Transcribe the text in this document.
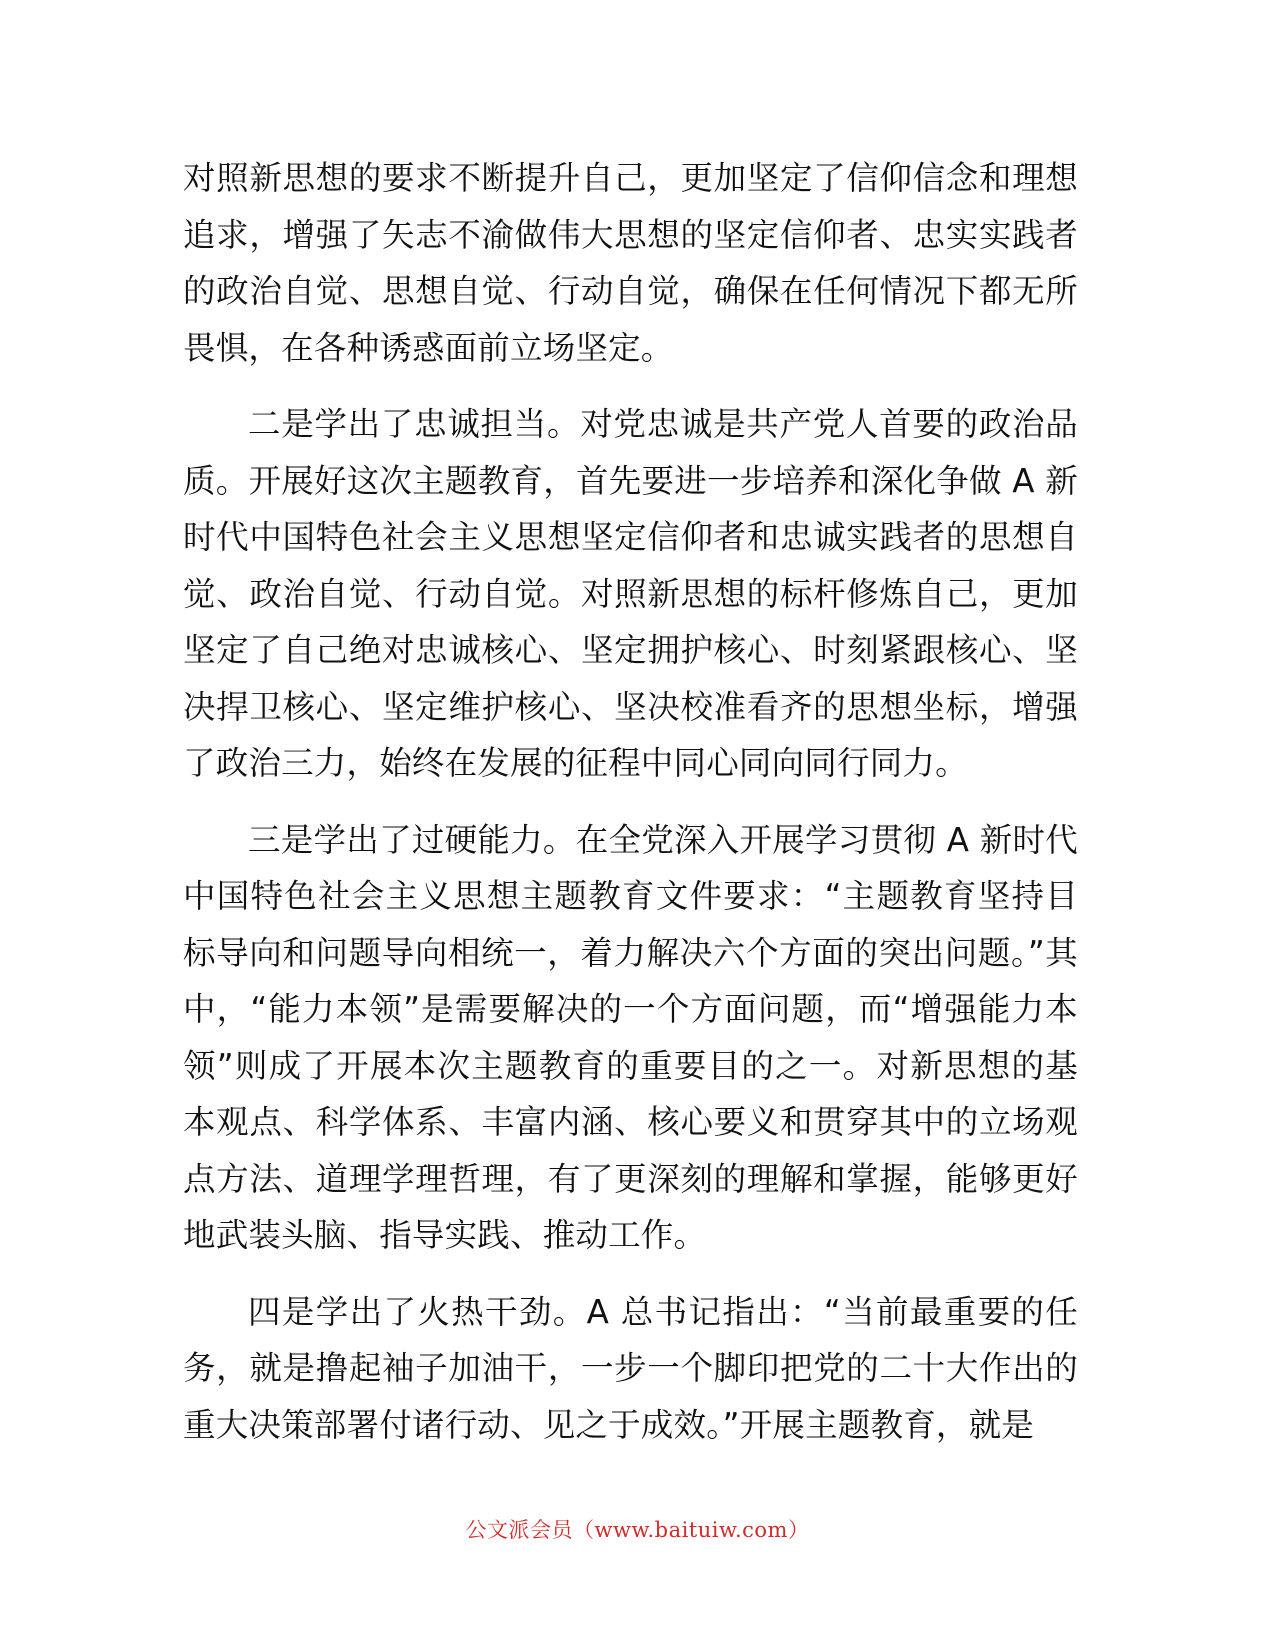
对照新思想的要求不断提升自己，更加坚定了信仰信念和理想追求，增强了矢志不渝做伟大思想的坚定信仰者、忠实实践者的政治自觉、思想自觉、行动自觉，确保在任何情况下都无所畏惧，在各种诱惑面前立场坚定。

二是学出了忠诚担当。对党忠诚是共产党人首要的政治品质。开展好这次主题教育，首先要进一步培养和深化争做 A 新时代中国特色社会主义思想坚定信仰者和忠诚实践者的思想自觉、政治自觉、行动自觉。对照新思想的标杆修炼自己，更加坚定了自己绝对忠诚核心、坚定拥护核心、时刻紧跟核心、坚决捍卫核心、坚定维护核心、坚决校准看齐的思想坐标，增强了政治三力，始终在发展的征程中同心同向同行同力。

三是学出了过硬能力。在全党深入开展学习贯彻 A 新时代中国特色社会主义思想主题教育文件要求：“主题教育坚持目标导向和问题导向相统一，着力解决六个方面的突出问题。”其中，“能力本领”是需要解决的一个方面问题，而“增强能力本领”则成了开展本次主题教育的重要目的之一。对新思想的基本观点、科学体系、丰富内涵、核心要义和贯穿其中的立场观点方法、道理学理哲理，有了更深刻的理解和掌握，能够更好地武装头脑、指导实践、推动工作。

四是学出了火热干劲。A 总书记指出：“当前最重要的任务，就是撸起袖子加油干，一步一个脚印把党的二十大作出的重大决策部署付诸行动、见之于成效。”开展主题教育，就是

公文派会员（www.baituiw.com）
